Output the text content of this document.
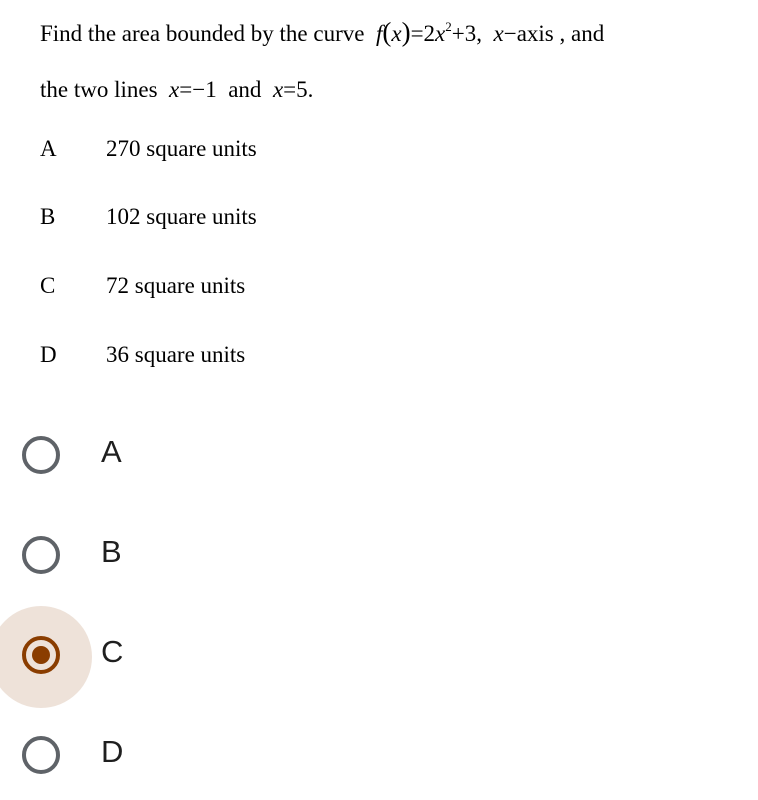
Find the area bounded by the curve $f(x)=2x^2+3$, x−axis , and
the two lines x=−1 and x=5.
A	270 square units
B	102 square units
C	72 square units
D	36 square units
A
B
C
D
